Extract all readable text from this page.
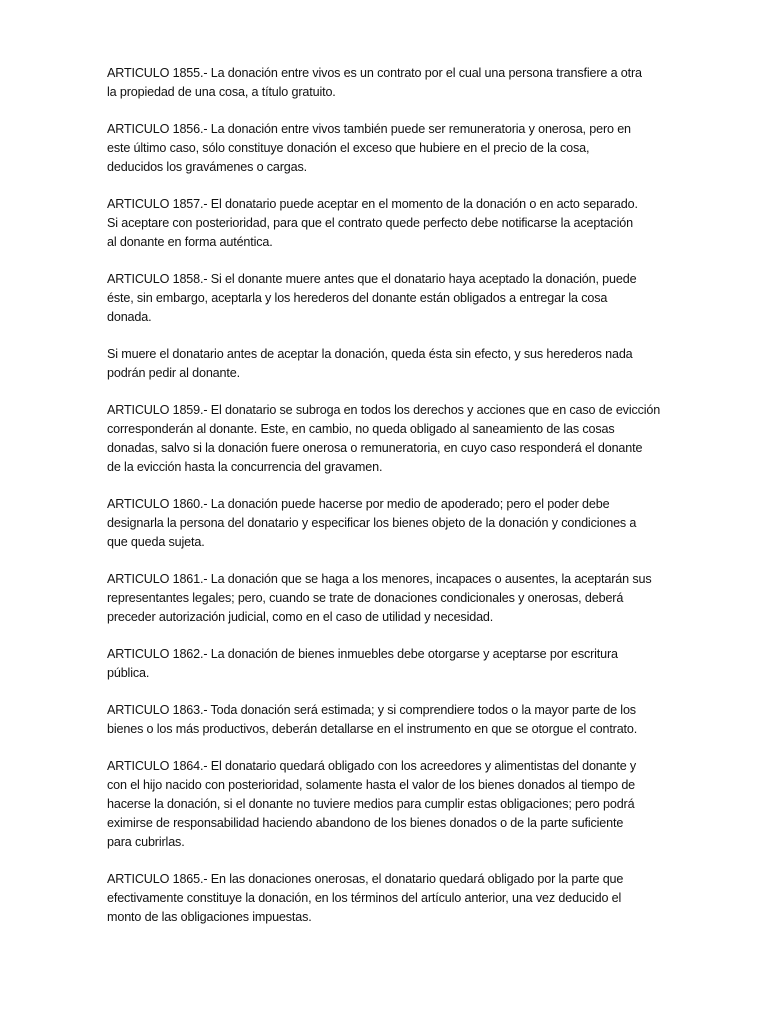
ARTICULO 1855.- La donación entre vivos es un contrato por el cual una persona transfiere a otra
la propiedad de una cosa, a título gratuito.

ARTICULO 1856.- La donación entre vivos también puede ser remuneratoria y onerosa, pero en
este último caso, sólo constituye donación el exceso que hubiere en el precio de la cosa,
deducidos los gravámenes o cargas.

ARTICULO 1857.- El donatario puede aceptar en el momento de la donación o en acto separado.
Si aceptare con posterioridad, para que el contrato quede perfecto debe notificarse la aceptación
al donante en forma auténtica.

ARTICULO 1858.- Si el donante muere antes que el donatario haya aceptado la donación, puede
éste, sin embargo, aceptarla y los herederos del donante están obligados a entregar la cosa
donada.

Si muere el donatario antes de aceptar la donación, queda ésta sin efecto, y sus herederos nada
podrán pedir al donante.

ARTICULO 1859.- El donatario se subroga en todos los derechos y acciones que en caso de evicción
corresponderán al donante. Este, en cambio, no queda obligado al saneamiento de las cosas
donadas, salvo si la donación fuere onerosa o remuneratoria, en cuyo caso responderá el donante
de la evicción hasta la concurrencia del gravamen.

ARTICULO 1860.- La donación puede hacerse por medio de apoderado; pero el poder debe
designarla la persona del donatario y especificar los bienes objeto de la donación y condiciones a
que queda sujeta.

ARTICULO 1861.- La donación que se haga a los menores, incapaces o ausentes, la aceptarán sus
representantes legales; pero, cuando se trate de donaciones condicionales y onerosas, deberá
preceder autorización judicial, como en el caso de utilidad y necesidad.

ARTICULO 1862.- La donación de bienes inmuebles debe otorgarse y aceptarse por escritura
pública.

ARTICULO 1863.- Toda donación será estimada; y si comprendiere todos o la mayor parte de los
bienes o los más productivos, deberán detallarse en el instrumento en que se otorgue el contrato.

ARTICULO 1864.- El donatario quedará obligado con los acreedores y alimentistas del donante y
con el hijo nacido con posterioridad, solamente hasta el valor de los bienes donados al tiempo de
hacerse la donación, si el donante no tuviere medios para cumplir estas obligaciones; pero podrá
eximirse de responsabilidad haciendo abandono de los bienes donados o de la parte suficiente
para cubrirlas.

ARTICULO 1865.- En las donaciones onerosas, el donatario quedará obligado por la parte que
efectivamente constituye la donación, en los términos del artículo anterior, una vez deducido el
monto de las obligaciones impuestas.
